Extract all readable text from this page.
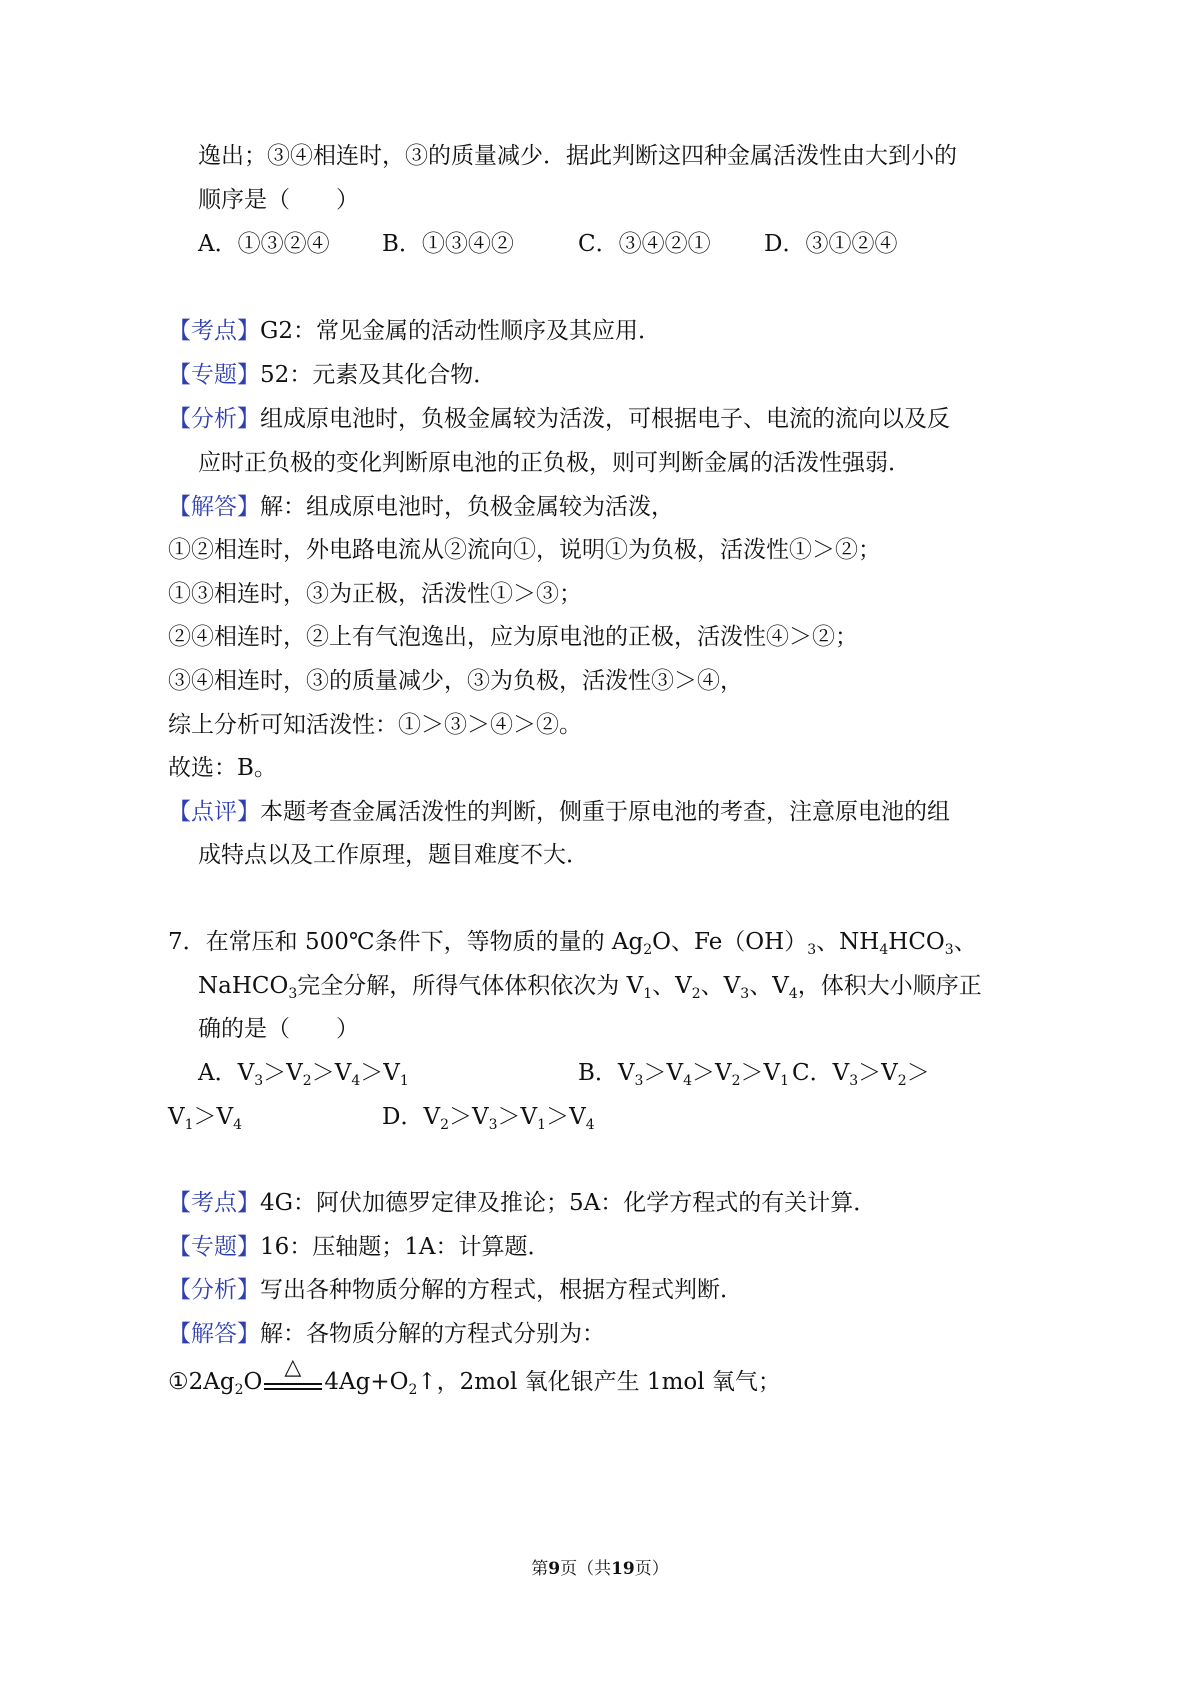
逸出；③④相连时，③的质量减少．据此判断这四种金属活泼性由大到小的
顺序是（　　）
A．①③②④ B．①③④②	C．③④②① D．③①②④
【考点】G2：常见金属的活动性顺序及其应用．
【专题】52：元素及其化合物．
【分析】组成原电池时，负极金属较为活泼，可根据电子、电流的流向以及反
应时正负极的变化判断原电池的正负极，则可判断金属的活泼性强弱．
【解答】解：组成原电池时，负极金属较为活泼，
①②相连时，外电路电流从②流向①，说明①为负极，活泼性①＞②；
①③相连时，③为正极，活泼性①＞③；
②④相连时，②上有气泡逸出，应为原电池的正极，活泼性④＞②；
③④相连时，③的质量减少，③为负极，活泼性③＞④，
综上分析可知活泼性：①＞③＞④＞②。
故选：B。
【点评】本题考查金属活泼性的判断，侧重于原电池的考查，注意原电池的组
成特点以及工作原理，题目难度不大．
7．在常压和 500℃条件下，等物质的量的 $Ag_2O$、$Fe(OH)_3$、$NH_4HCO_3$、
NaHCO$_3$完全分解，所得气体体积依次为 $V_1$、$V_2$、$V_3$、$V_4$，体积大小顺序正
确的是（　　）
A．$V_3>V_2>V_4>V_1$	B．$V_3>V_4>V_2>V_1$ C．$V_3>V_2>$
$V_1>V_4$	D．$V_2>V_3>V_1>V_4$
【考点】4G：阿伏加德罗定律及推论；5A：化学方程式的有关计算．
【专题】16：压轴题；1A：计算题．
【分析】写出各种物质分解的方程式，根据方程式判断．
【解答】解：各物质分解的方程式分别为：
$①2Ag_2O$
△
$4Ag+O_2↑$，2mol 氧化银产生 1mol 氧气；
第9页（共19页）
